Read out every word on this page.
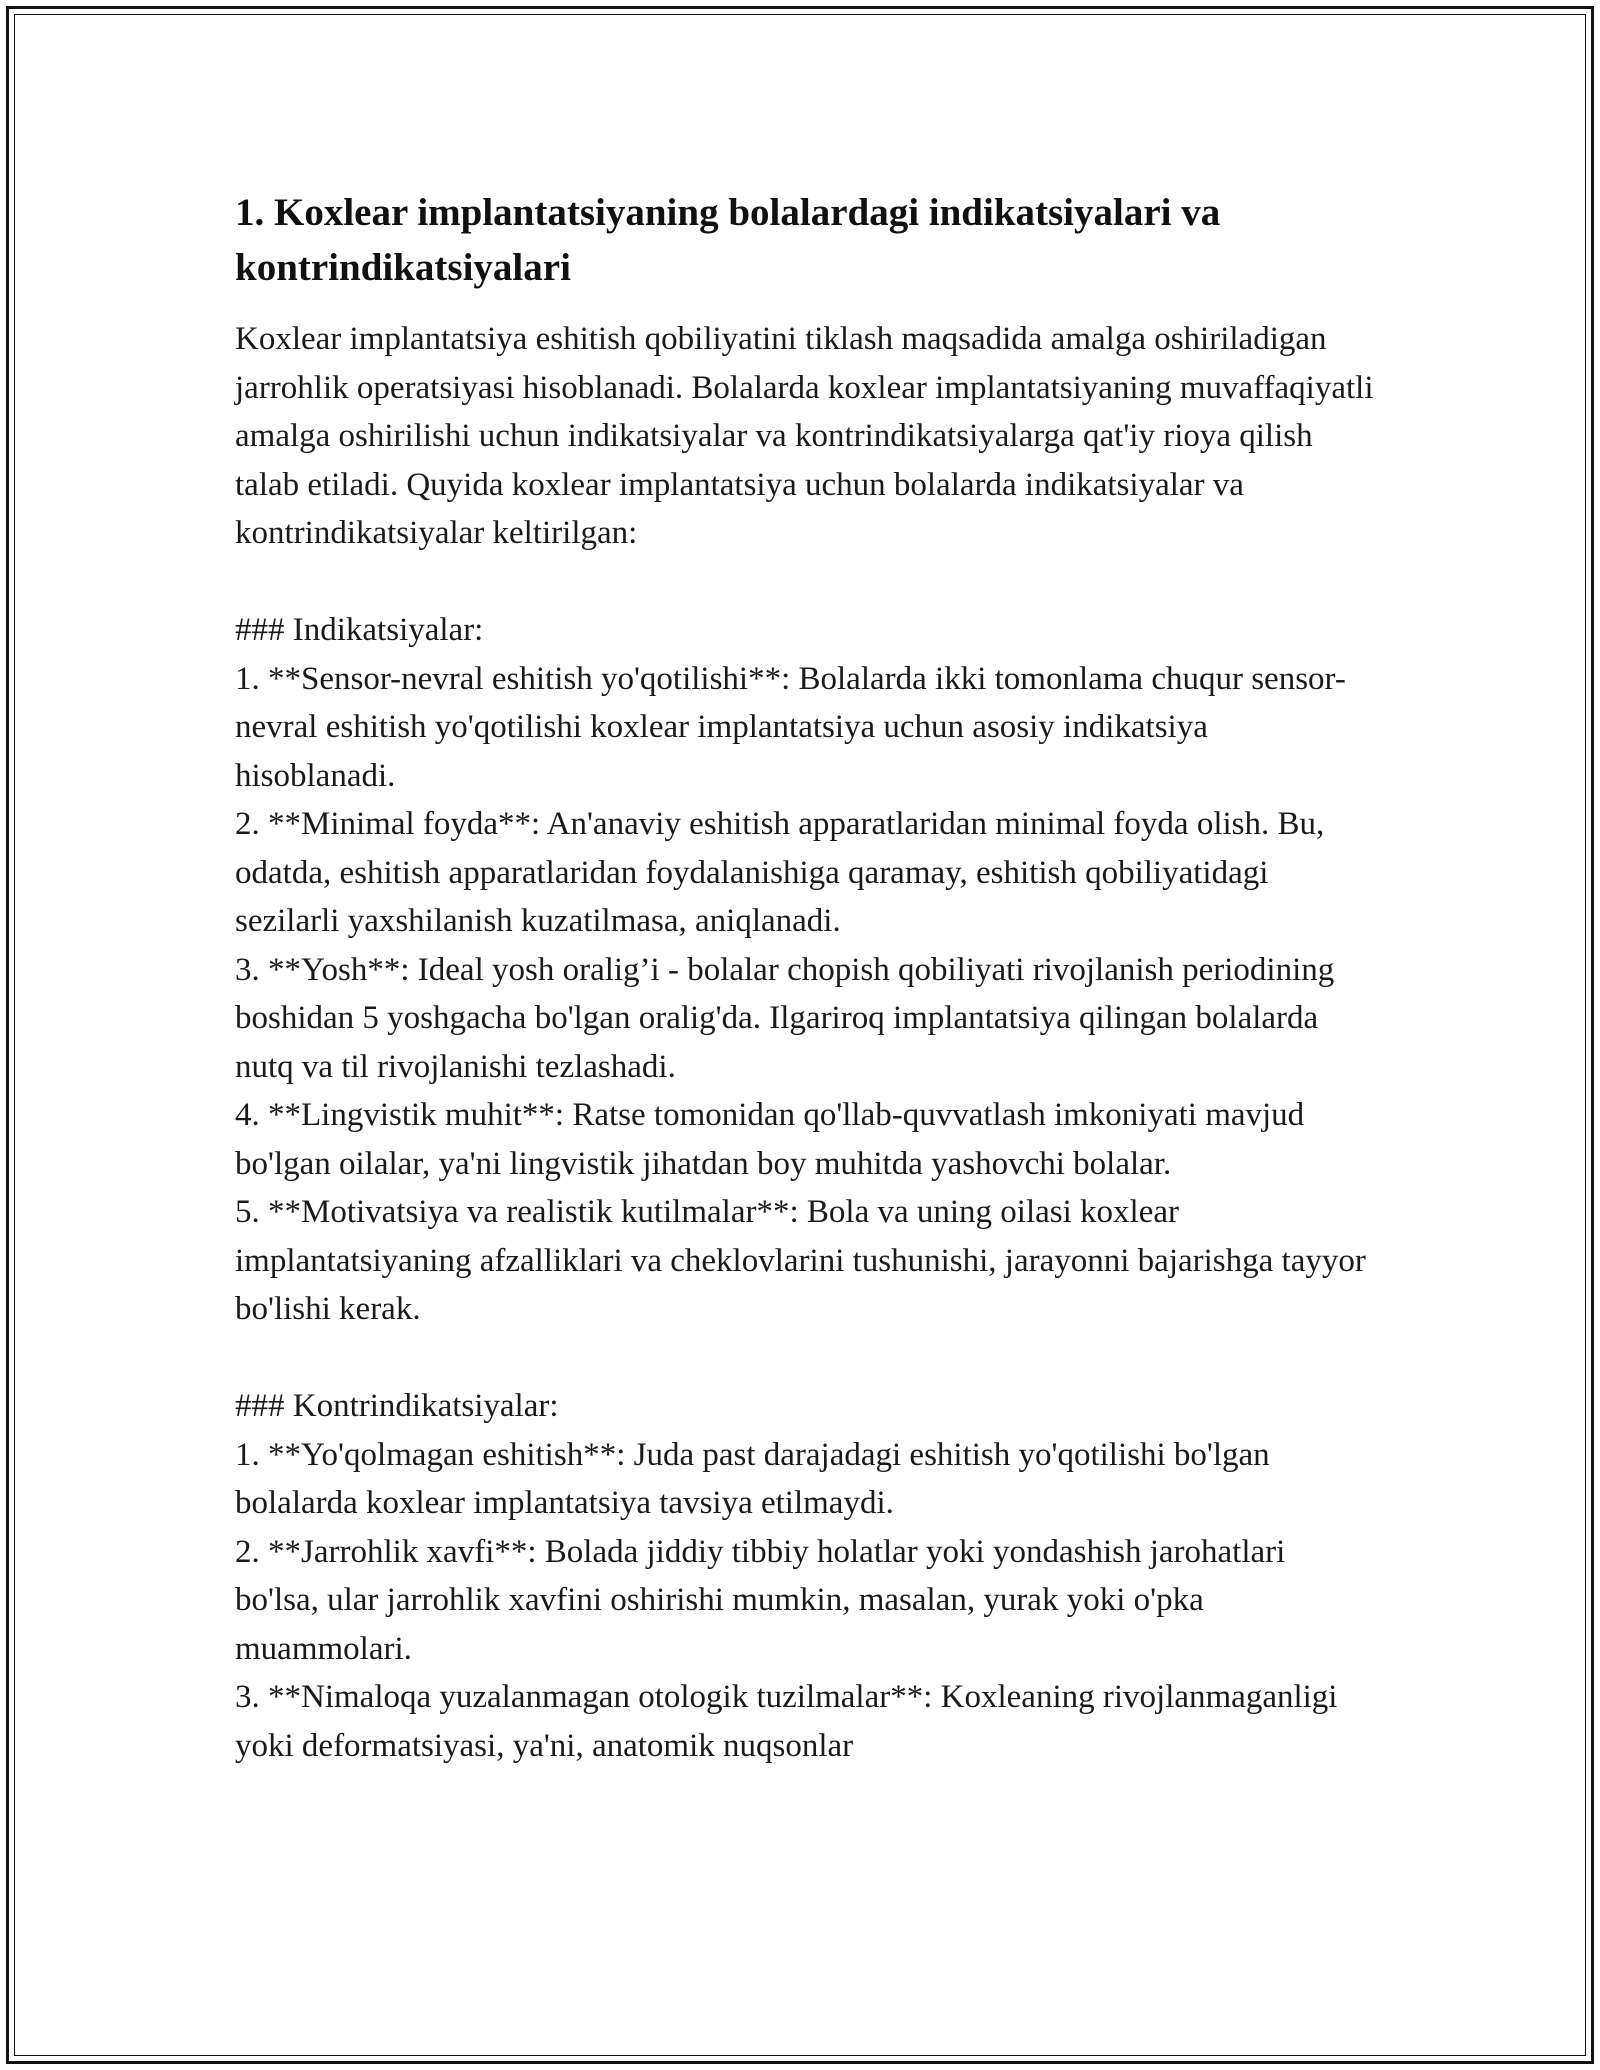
1. Koxlear implantatsiyaning bolalardagi indikatsiyalari va kontrindikatsiyalari

Koxlear implantatsiya eshitish qobiliyatini tiklash maqsadida amalga oshiriladigan jarrohlik operatsiyasi hisoblanadi. Bolalarda koxlear implantatsiyaning muvaffaqiyatli amalga oshirilishi uchun indikatsiyalar va kontrindikatsiyalarga qat'iy rioya qilish talab etiladi. Quyida koxlear implantatsiya uchun bolalarda indikatsiyalar va kontrindikatsiyalar keltirilgan:

### Indikatsiyalar:

1. **Sensor-nevral eshitish yo'qotilishi**: Bolalarda ikki tomonlama chuqur sensor-nevral eshitish yo'qotilishi koxlear implantatsiya uchun asosiy indikatsiya hisoblanadi.

2. **Minimal foyda**: An'anaviy eshitish apparatlaridan minimal foyda olish. Bu, odatda, eshitish apparatlaridan foydalanishiga qaramay, eshitish qobiliyatidagi sezilarli yaxshilanish kuzatilmasa, aniqlanadi.

3. **Yosh**: Ideal yosh oralig’i - bolalar chopish qobiliyati rivojlanish periodining boshidan 5 yoshgacha bo'lgan oralig'da. Ilgariroq implantatsiya qilingan bolalarda nutq va til rivojlanishi tezlashadi.

4. **Lingvistik muhit**: Ratse tomonidan qo'llab-quvvatlash imkoniyati mavjud bo'lgan oilalar, ya'ni lingvistik jihatdan boy muhitda yashovchi bolalar.

5. **Motivatsiya va realistik kutilmalar**: Bola va uning oilasi koxlear implantatsiyaning afzalliklari va cheklovlarini tushunishi, jarayonni bajarishga tayyor bo'lishi kerak.

### Kontrindikatsiyalar:

1. **Yo'qolmagan eshitish**: Juda past darajadagi eshitish yo'qotilishi bo'lgan bolalarda koxlear implantatsiya tavsiya etilmaydi.

2. **Jarrohlik xavfi**: Bolada jiddiy tibbiy holatlar yoki yondashish jarohatlari bo'lsa, ular jarrohlik xavfini oshirishi mumkin, masalan, yurak yoki o'pka muammolari.

3. **Nimaloqa yuzalanmagan otologik tuzilmalar**: Koxleaning rivojlanmaganligi yoki deformatsiyasi, ya'ni, anatomik nuqsonlar
